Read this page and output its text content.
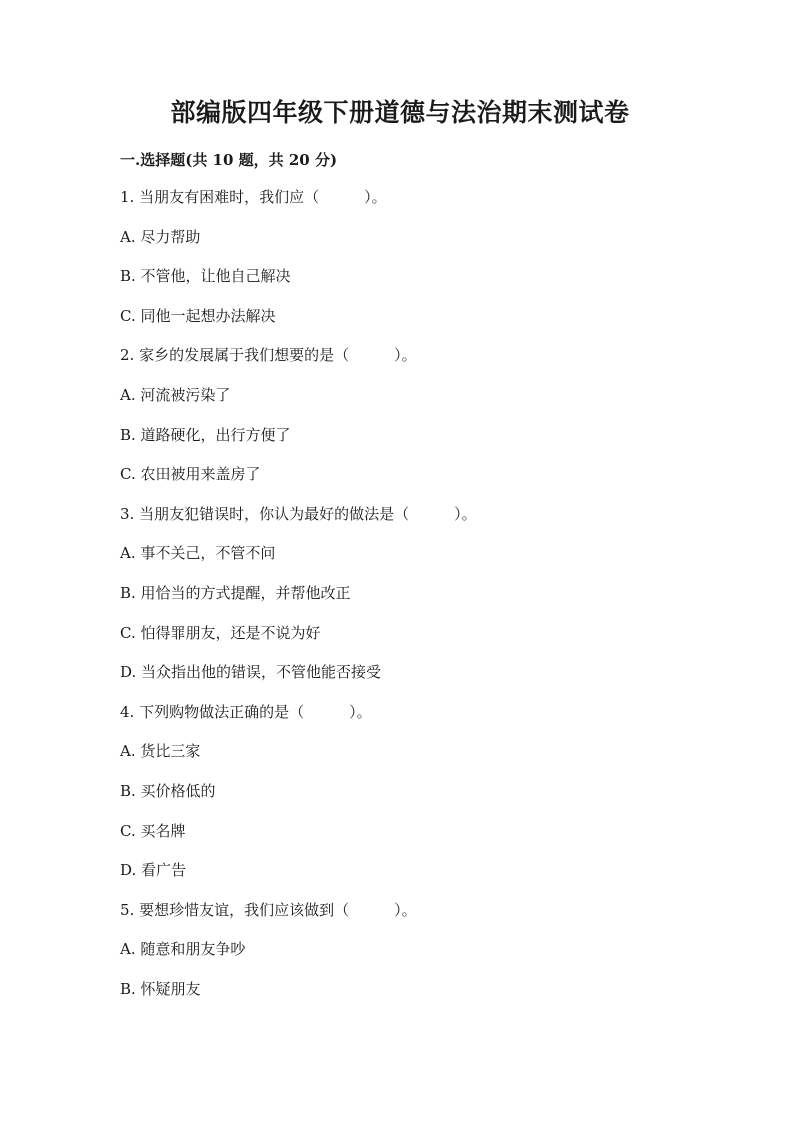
部编版四年级下册道德与法治期末测试卷
一.选择题(共 10 题，共 20 分)
1. 当朋友有困难时，我们应（　　　）。
A. 尽力帮助
B. 不管他，让他自己解决
C. 同他一起想办法解决
2. 家乡的发展属于我们想要的是（　　　）。
A. 河流被污染了
B. 道路硬化，出行方便了
C. 农田被用来盖房了
3. 当朋友犯错误时，你认为最好的做法是（　　　）。
A. 事不关己，不管不问
B. 用恰当的方式提醒，并帮他改正
C. 怕得罪朋友，还是不说为好
D. 当众指出他的错误，不管他能否接受
4. 下列购物做法正确的是（　　　）。
A. 货比三家
B. 买价格低的
C. 买名牌
D. 看广告
5. 要想珍惜友谊，我们应该做到（　　　）。
A. 随意和朋友争吵
B. 怀疑朋友
